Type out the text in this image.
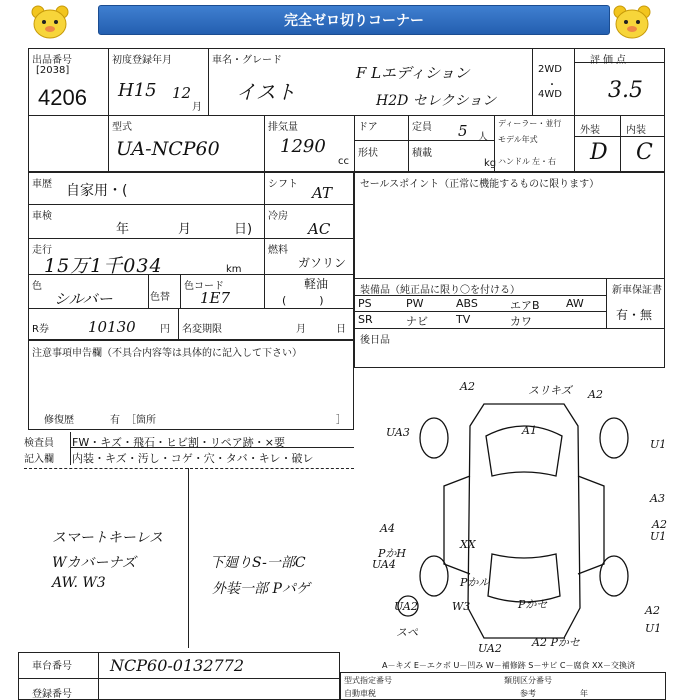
完全ゼロ切りコーナー
出品番号
[2038]
4206
初度登録年月
H15 12
月
車名・グレード
イスト
F Lエディション
H2D セレクション
2WD
・
4WD
評価点
3.5
型式
UA-NCP60
排気量
1290
cc
ドア
形状
定員 5 人
積載
kg
ディーラー・並行
モデル年式
ハンドル 左・右
外装	内装
D C
車歴 自家用・(	シフト AT
車検
年	月	日)
冷房
AC
走行
15万1千034	km
燃料
ガソリン
軽油
(　　　)
色
シルバー	色替
色コード
1E7
R券	10130 円 名変期限	月	日
セールスポイント（正常に機能するものに限ります）
装備品（純正品に限り〇を付ける）	新車保証書
有・無
PS	PW	ABS	エアB AW
SR	ナビ	TV	カワ
後日品
注意事項申告欄（不具合内容等は具体的に記入して下さい）
修復歴	有 ［箇所	］
検査員
記入欄
FW・キズ・飛石・ヒビ割・リペア跡・×要
内装・キズ・汚し・コゲ・穴・タバ・キレ・破レ
スマートキーレス
Wカバーナズ
AW. W3
下廻りS-一部C
外装一部 Pパゲ
A2	スリキズ A2
UA3	A1
U1
A3
U1
A4	A2
XX
PかH
UA4
Pかル
Pかセ
W3
UA2
スペ
A2
U1
UA2	A2 Pかセ
A－キズ E－エクボ U－凹み W－補修跡 S－サビ C－腐食 XX－交換済
車台番号 NCP60-0132772
登録番号
型式指定番号
自動車税
類別区分番号
参考	年
